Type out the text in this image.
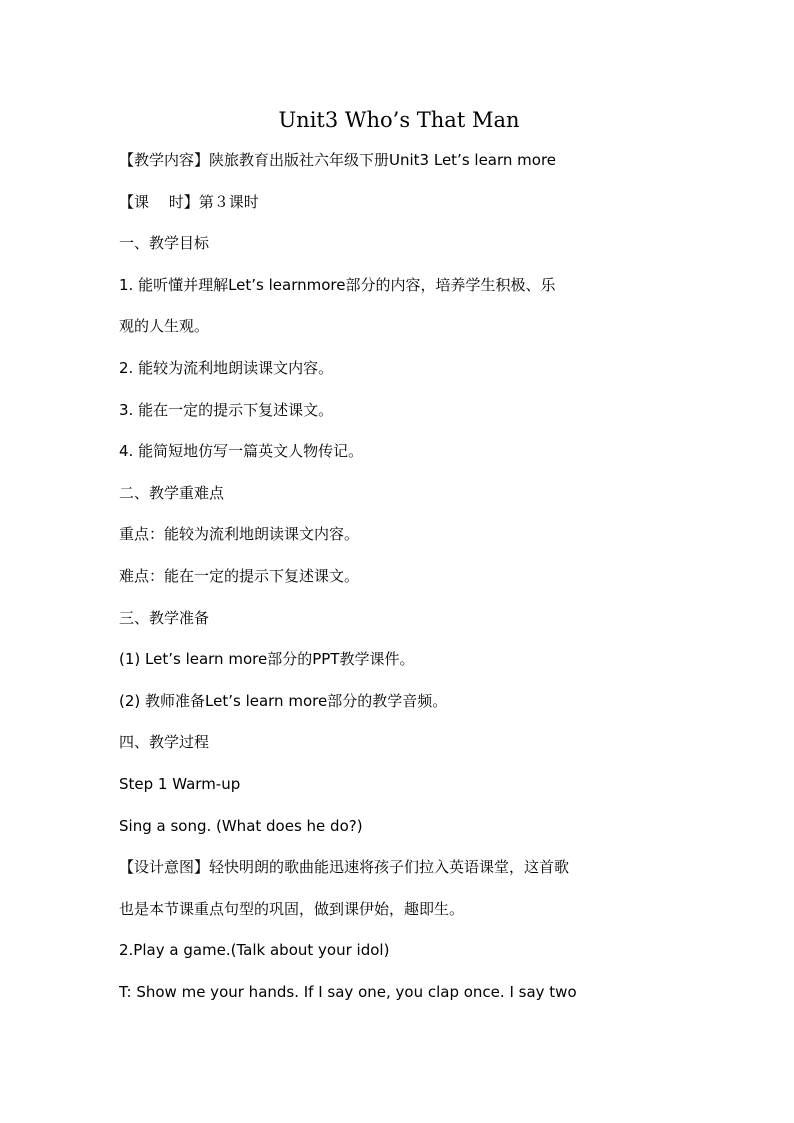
Unit3 Who’s That Man
【教学内容】陕旅教育出版社六年级下册Unit3 Let’s learn more
【课　 时】第３课时
一、教学目标
1. 能听懂并理解Let’s learnmore部分的内容，培养学生积极、乐
观的人生观。
2. 能较为流利地朗读课文内容。
3. 能在一定的提示下复述课文。
4. 能简短地仿写一篇英文人物传记。
二、教学重难点
重点：能较为流利地朗读课文内容。
难点：能在一定的提示下复述课文。
三、教学准备
(1) Let’s learn more部分的PPT教学课件。
(2) 教师准备Let’s learn more部分的教学音频。
四、教学过程
Step 1 Warm-up
Sing a song. (What does he do?)
【设计意图】轻快明朗的歌曲能迅速将孩子们拉入英语课堂，这首歌
也是本节课重点句型的巩固，做到课伊始，趣即生。
2.Play a game.(Talk about your idol)
T: Show me your hands. If I say one, you clap once. I say two
